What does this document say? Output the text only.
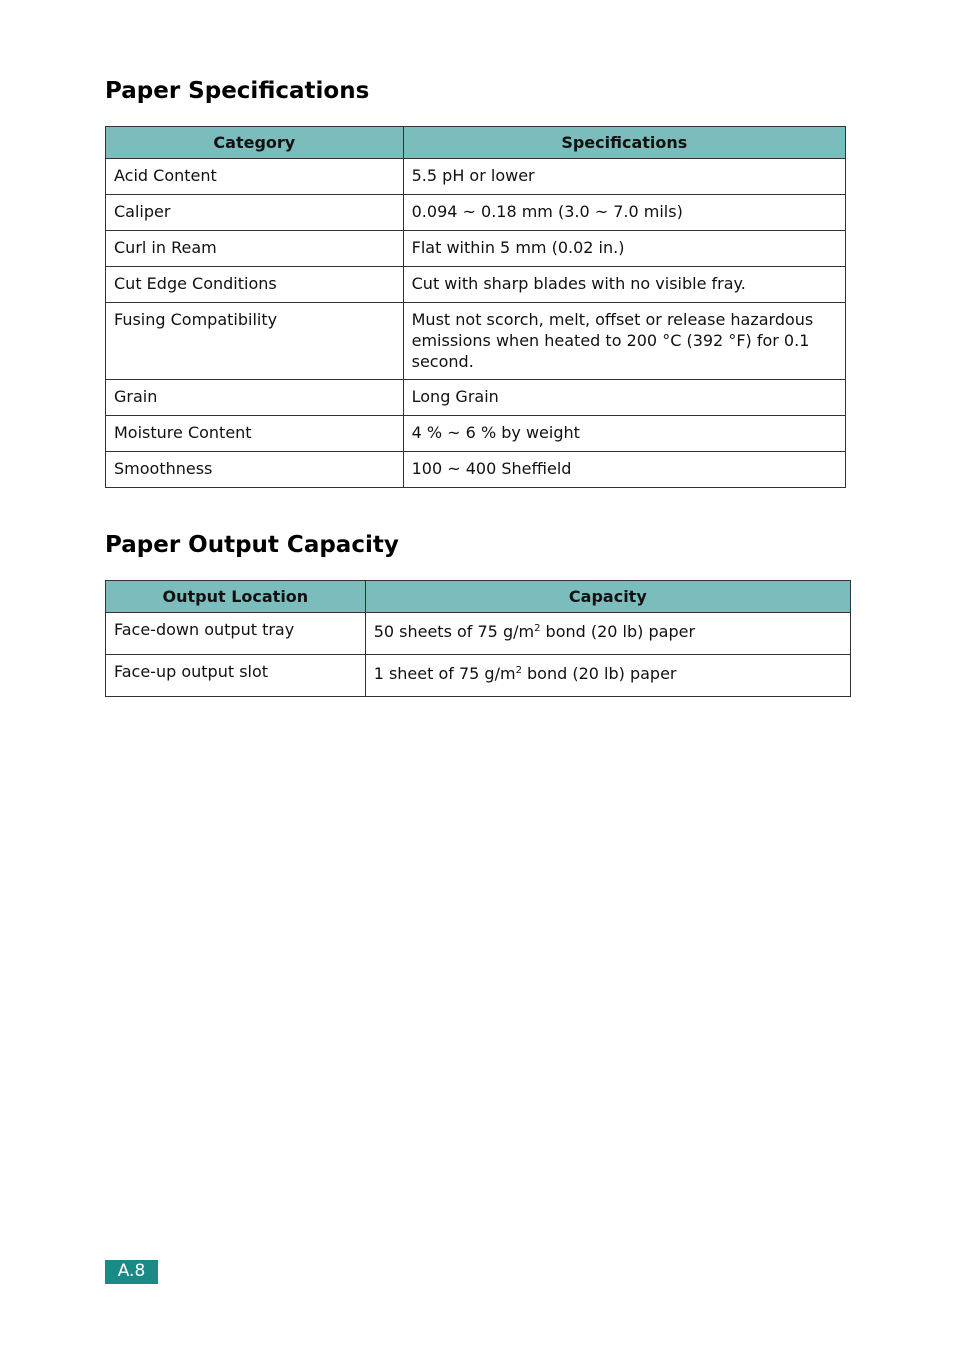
Paper Specifications
Category	Specifications
Acid Content	5.5 pH or lower
Caliper	0.094 ~ 0.18 mm (3.0 ~ 7.0 mils)
Curl in Ream	Flat within 5 mm (0.02 in.)
Cut Edge Conditions	Cut with sharp blades with no visible fray.
Fusing Compatibility	Must not scorch, melt, offset or release hazardous emissions when heated to 200 °C (392 °F) for 0.1 second.
Grain	Long Grain
Moisture Content	4 % ~ 6 % by weight
Smoothness	100 ~ 400 Sheffield
Paper Output Capacity
Output Location	Capacity
Face-down output tray	50 sheets of 75 $g/m^2$ bond (20 lb) paper
Face-up output slot	1 sheet of 75 $g/m^2$ bond (20 lb) paper
A.8
